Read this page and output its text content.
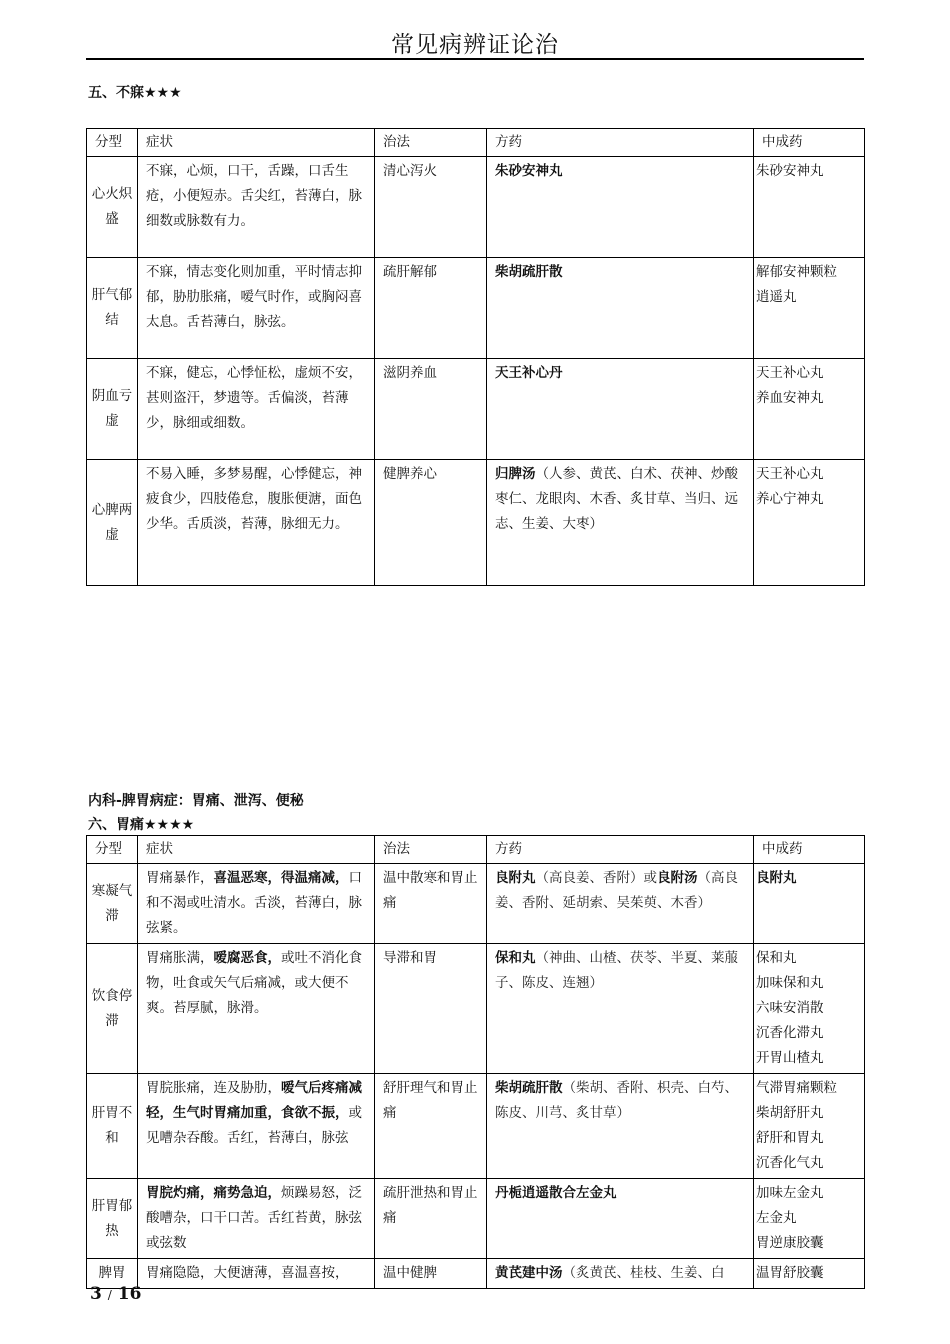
常见病辨证论治
五、不寐★★★
分型	症状	治法	方药	中成药
心火炽盛	不寐，心烦，口干，舌躁，口舌生疮，小便短赤。舌尖红，苔薄白，脉细数或脉数有力。	清心泻火	朱砂安神丸	朱砂安神丸

肝气郁结	不寐，情志变化则加重，平时情志抑郁，胁肋胀痛，嗳气时作，或胸闷喜太息。舌苔薄白，脉弦。	疏肝解郁	柴胡疏肝散	解郁安神颗粒
逍遥丸

阴血亏虚	不寐，健忘，心悸怔松，虚烦不安，甚则盗汗，梦遗等。舌偏淡，苔薄少，脉细或细数。	滋阴养血	天王补心丹	天王补心丸
养血安神丸

心脾两虚	不易入睡，多梦易醒，心悸健忘，神疲食少，四肢倦怠，腹胀便溏，面色少华。舌质淡，苔薄，脉细无力。	健脾养心	归脾汤（人参、黄芪、白术、茯神、炒酸枣仁、龙眼肉、木香、炙甘草、当归、远志、生姜、大枣）	天王补心丸
养心宁神丸
内科-脾胃病症：胃痛、泄泻、便秘
六、胃痛★★★★
分型	症状	治法	方药	中成药
寒凝气滞	胃痛暴作，喜温恶寒，得温痛减，口和不渴或吐清水。舌淡，苔薄白，脉弦紧。	温中散寒和胃止痛	良附丸（高良姜、香附）或良附汤（高良姜、香附、延胡索、吴茱萸、木香）	良附丸

饮食停滞	胃痛胀满，嗳腐恶食，或吐不消化食物，吐食或矢气后痛减，或大便不爽。苔厚腻，脉滑。	导滞和胃	保和丸（神曲、山楂、茯苓、半夏、莱菔子、陈皮、连翘）	保和丸
加味保和丸
六味安消散
沉香化滞丸
开胃山楂丸

肝胃不和	胃脘胀痛，连及胁肋，嗳气后疼痛减轻，生气时胃痛加重，食欲不振，或见嘈杂吞酸。舌红，苔薄白，脉弦	舒肝理气和胃止痛	柴胡疏肝散（柴胡、香附、枳壳、白芍、陈皮、川芎、炙甘草）	气滞胃痛颗粒
柴胡舒肝丸
舒肝和胃丸
沉香化气丸

肝胃郁热	胃脘灼痛，痛势急迫，烦躁易怒，泛酸嘈杂，口干口苦。舌红苔黄，脉弦或弦数	疏肝泄热和胃止痛	丹栀逍遥散合左金丸	加味左金丸
左金丸
胃逆康胶囊

脾胃	胃痛隐隐，大便溏薄，喜温喜按，	温中健脾	黄芪建中汤（炙黄芪、桂枝、生姜、白	温胃舒胶囊
3 / 16
